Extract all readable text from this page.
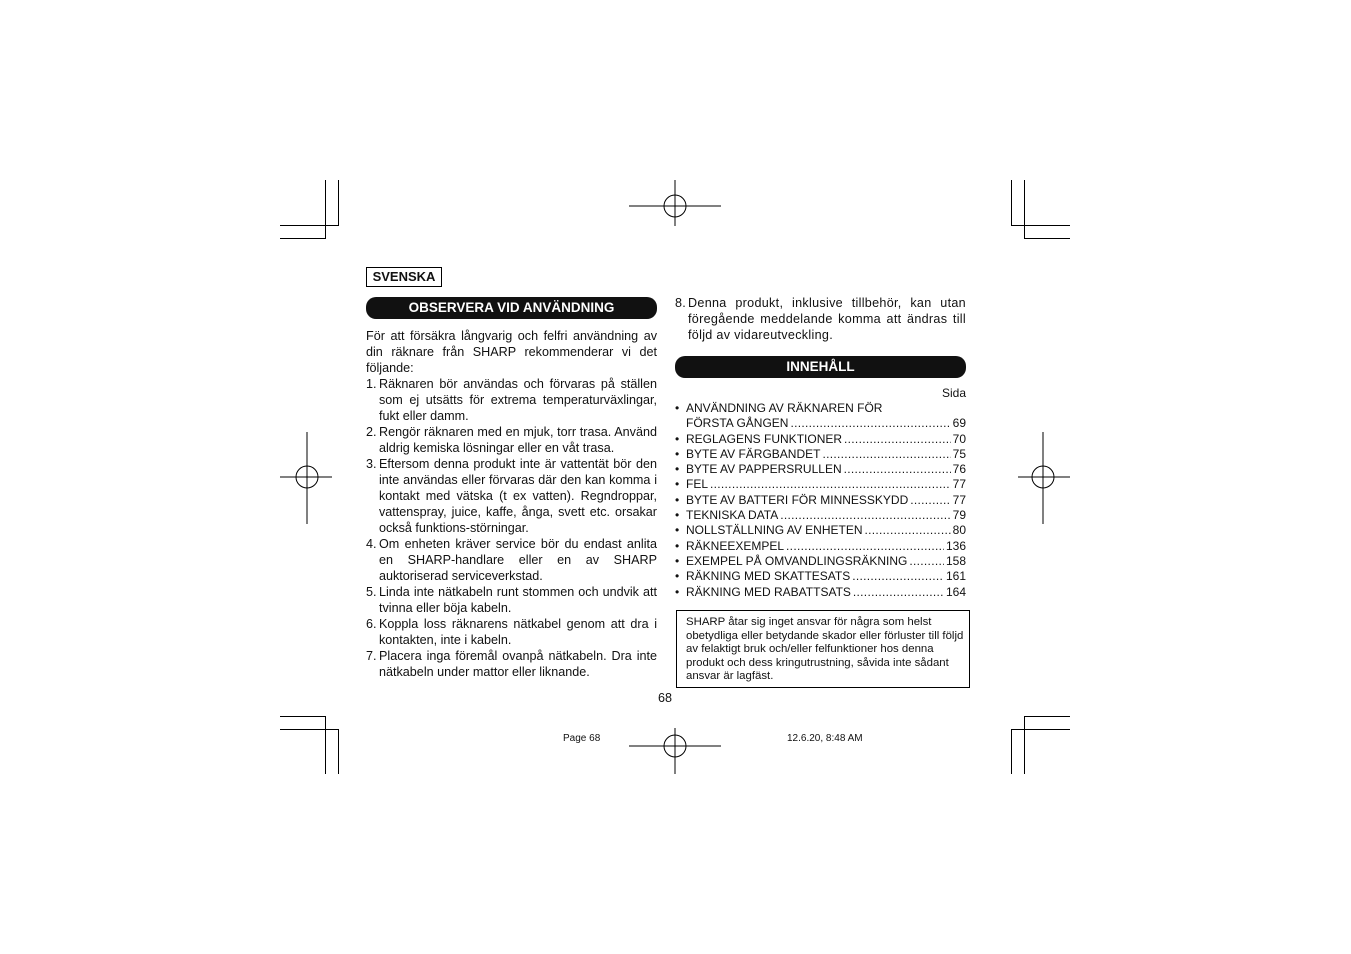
SVENSKA
OBSERVERA VID ANVÄNDNING

För att försäkra långvarig och felfri användning av din räknare från SHARP rekommenderar vi det följande:

1. Räknaren bör användas och förvaras på ställen som ej utsätts för extrema temperaturväxlingar, fukt eller damm.
2. Rengör räknaren med en mjuk, torr trasa. Använd aldrig kemiska lösningar eller en våt trasa.
3. Eftersom denna produkt inte är vattentät bör den inte användas eller förvaras där den kan komma i kontakt med vätska (t ex vatten). Regndroppar, vattenspray, juice, kaffe, ånga, svett etc. orsakar också funktions-störningar.
4. Om enheten kräver service bör du endast anlita en SHARP-handlare eller en av SHARP auktoriserad serviceverkstad.
5. Linda inte nätkabeln runt stommen och undvik att tvinna eller böja kabeln.
6. Koppla loss räknarens nätkabel genom att dra i kontakten, inte i kabeln.
7. Placera inga föremål ovanpå nätkabeln. Dra inte nätkabeln under mattor eller liknande.
8. Denna produkt, inklusive tillbehör, kan utan föregående meddelande komma att ändras till följd av vidareutveckling.
INNEHÅLL
Sida
• ANVÄNDNING AV RÄKNAREN FÖR
FÖRSTA GÅNGEN .....	69
• REGLAGENS FUNKTIONER .....	70
• BYTE AV FÄRGBANDET .....	75
• BYTE AV PAPPERSRULLEN .....	76
• FEL .....	77
• BYTE AV BATTERI FÖR MINNESSKYDD .....	77
• TEKNISKA DATA .....	79
• NOLLSTÄLLNING AV ENHETEN .....	80
• RÄKNEEXEMPEL .....	136
• EXEMPEL PÅ OMVANDLINGSRÄKNING .....	158
• RÄKNING MED SKATTESATS .....	161
• RÄKNING MED RABATTSATS .....	164
SHARP åtar sig inget ansvar för några som helst obetydliga eller betydande skador eller förluster till följd av felaktigt bruk och/eller felfunktioner hos denna produkt och dess kringutrustning, såvida inte sådant ansvar är lagfäst.
68
Page 68	12.6.20, 8:48 AM
